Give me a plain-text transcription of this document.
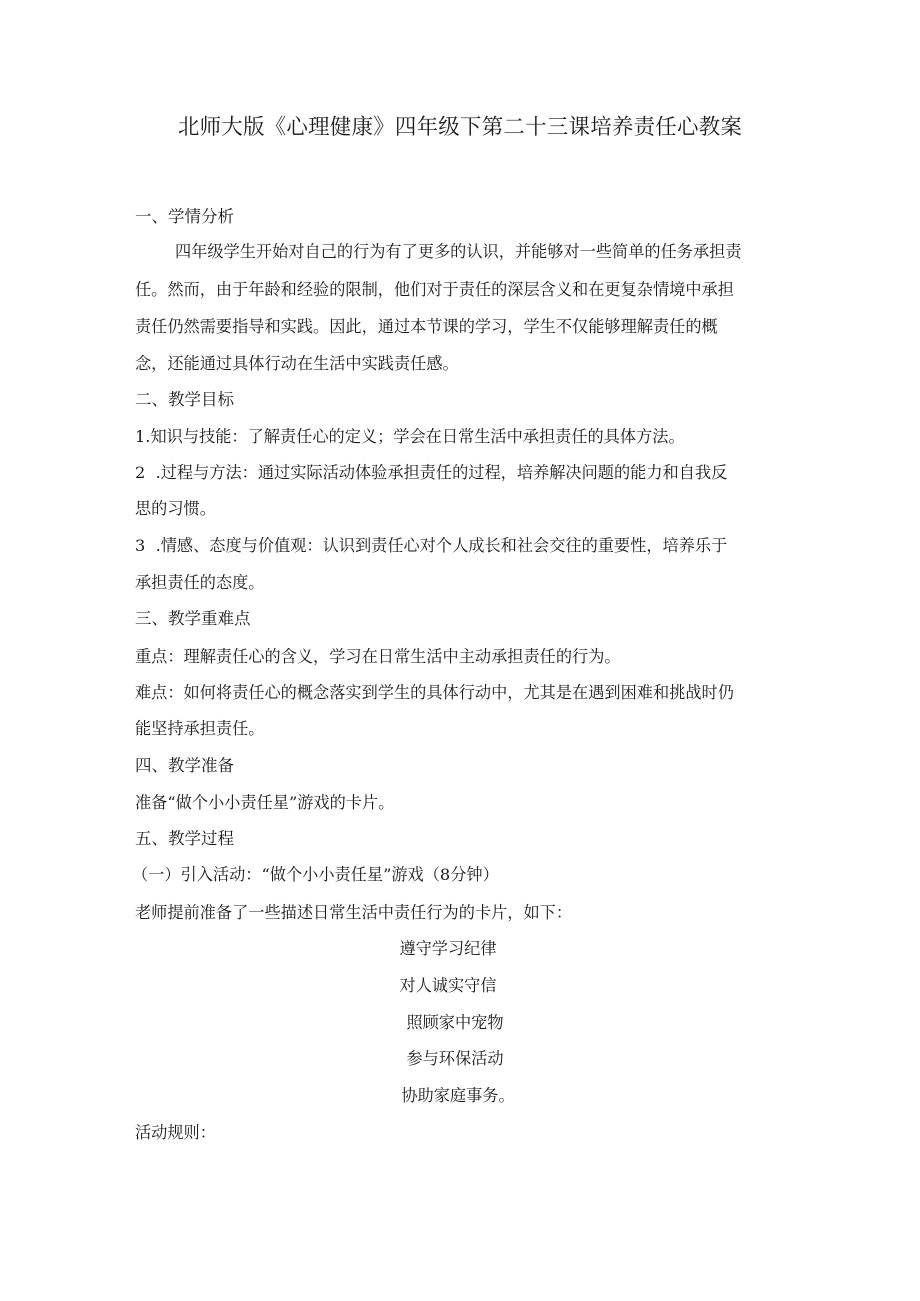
北师大版《心理健康》四年级下第二十三课培养责任心教案
一、学情分析
四年级学生开始对自己的行为有了更多的认识，并能够对一些简单的任务承担责
任。然而，由于年龄和经验的限制，他们对于责任的深层含义和在更复杂情境中承担
责任仍然需要指导和实践。因此，通过本节课的学习，学生不仅能够理解责任的概
念，还能通过具体行动在生活中实践责任感。
二、教学目标
1.知识与技能：了解责任心的定义；学会在日常生活中承担责任的具体方法。
2  .过程与方法：通过实际活动体验承担责任的过程，培养解决问题的能力和自我反
思的习惯。
3  .情感、态度与价值观：认识到责任心对个人成长和社会交往的重要性，培养乐于
承担责任的态度。
三、教学重难点
重点：理解责任心的含义，学习在日常生活中主动承担责任的行为。
难点：如何将责任心的概念落实到学生的具体行动中，尤其是在遇到困难和挑战时仍
能坚持承担责任。
四、教学准备
准备“做个小小责任星”游戏的卡片。
五、教学过程
（一）引入活动：“做个小小责任星”游戏（8分钟）
老师提前准备了一些描述日常生活中责任行为的卡片，如下：
遵守学习纪律
对人诚实守信
照顾家中宠物
参与环保活动
协助家庭事务。
活动规则：
